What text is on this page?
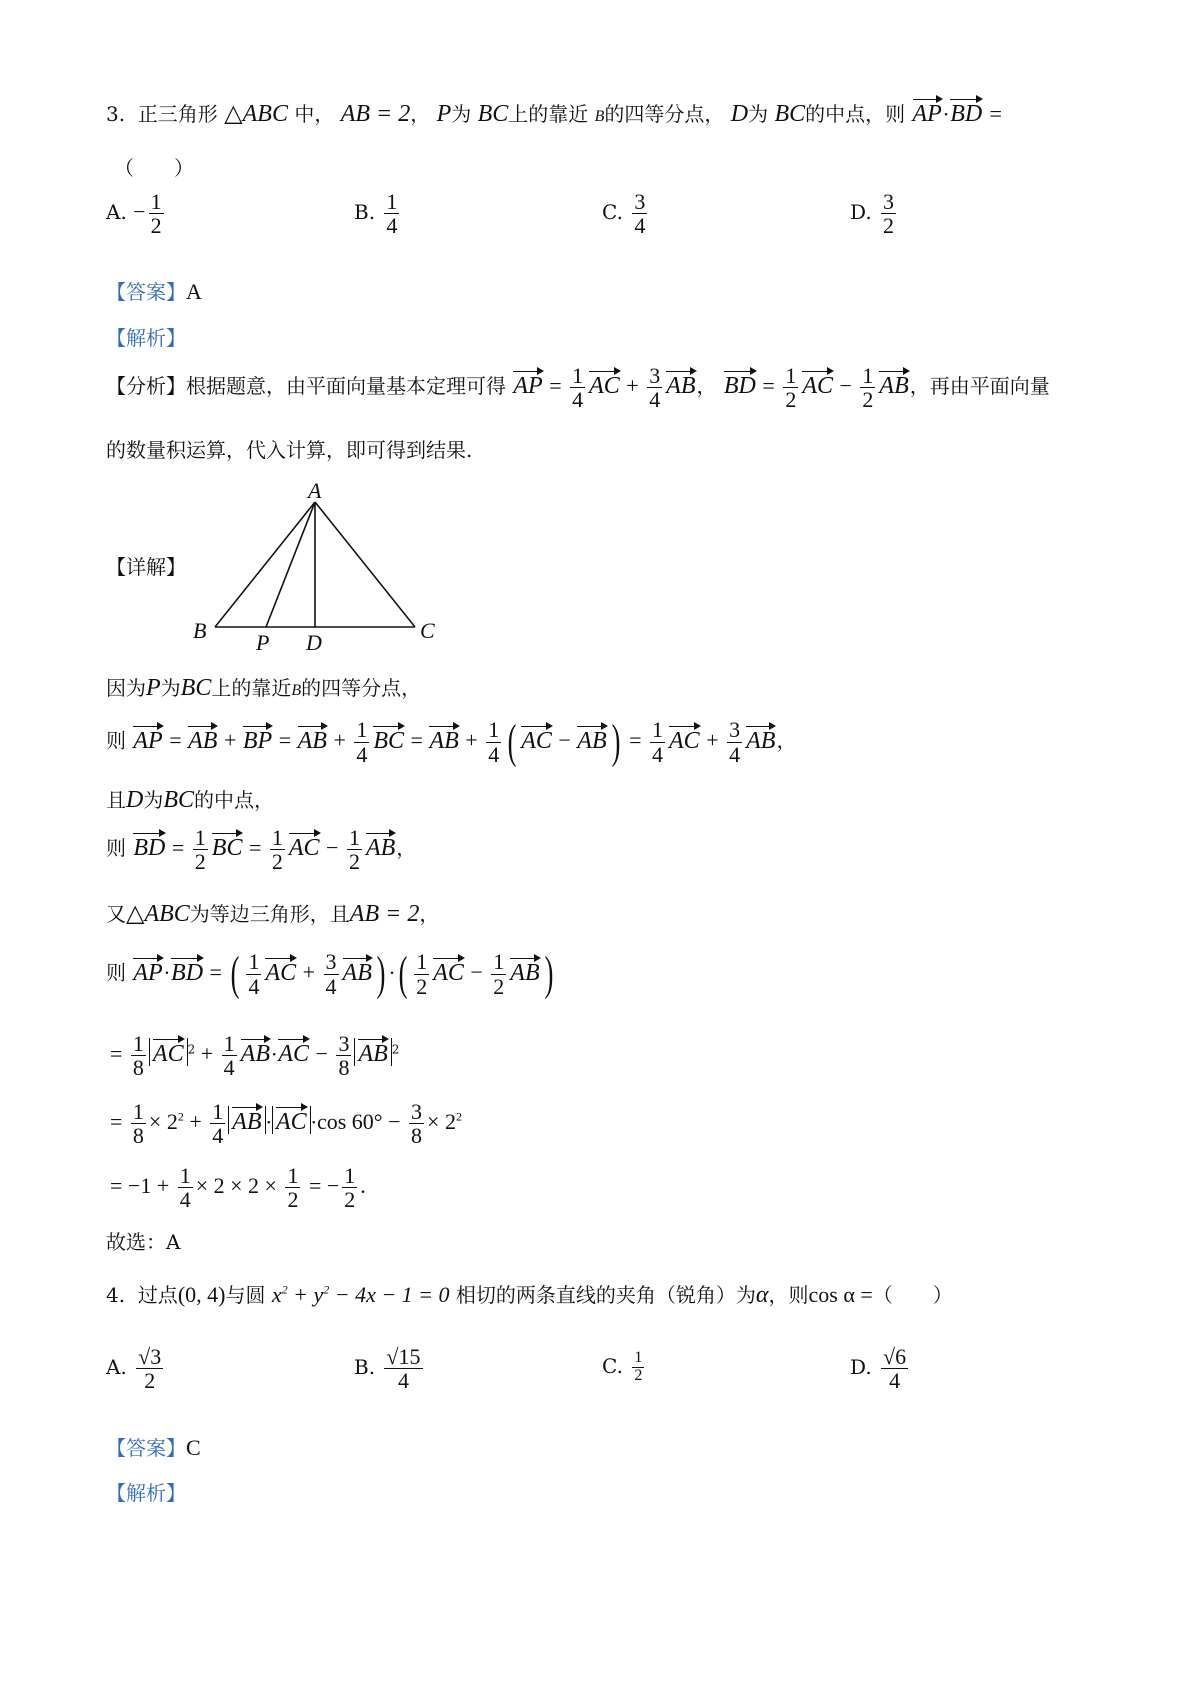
3. 正三角形 △ABC 中， AB = 2， P为 BC上的靠近 B的四等分点， D为 BC的中点，则 AP·BD =
（　　）
A. − $\frac{1}{2}$	B. $\frac{1}{4}$	C. $\frac{3}{4}$	D. $\frac{3}{2}$
【答案】A
【解析】
【分析】根据题意，由平面向量基本定理可得 AP = $\frac{1}{4}$ AC + $\frac{3}{4}$ AB， BD = $\frac{1}{2}$ AC − $\frac{1}{2}$ AB，再由平面向量
的数量积运算，代入计算，即可得到结果.
【详解】
A
B	C
P D
因为P为BC上的靠近B的四等分点，
则 AP = AB + BP = AB + $\frac{1}{4}$ BC = AB + $\frac{1}{4}$ ( AC − $AB) = \frac{1}{4}$ AC + $\frac{3}{4}$ AB，
且D为BC的中点，
则 BD = $\frac{1}{2}$ BC = $\frac{1}{2}$ AC − $\frac{1}{2}$ AB，
又△ABC为等边三角形，且AB = 2，
则 AP·BD = ( $\frac{1}{4}$ AC + $\frac{3}{4} AB$) ·( $\frac{1}{2}$ AC − $\frac{1}{2} AB$)
= $\frac{1}{8}$ AC $^2 + \frac{1}{4} AB\cdot AC - \frac{3}{8}$ AB $^2$
= $\frac{1}{8} \times 2^2 + \frac{1}{4}$ AB · AC ·cos $60^\circ - \frac{3}{8} \times 2^2$
= $-1 + \frac{1}{4} \times 2 \times 2 \times \frac{1}{2}$ = − $\frac{1}{2}$ .
故选：A
4. 过点(0, 4)与圆 $x^2 + y^2 - 4x - 1 = 0$ 相切的两条直线的夹角（锐角）为α，则cos α =（　　）
A. $\frac{√3}{2}$	B. $\frac{√15}{4}$	C. $\frac{1}{2}$	D. $\frac{√6}{4}$
【答案】C
【解析】
